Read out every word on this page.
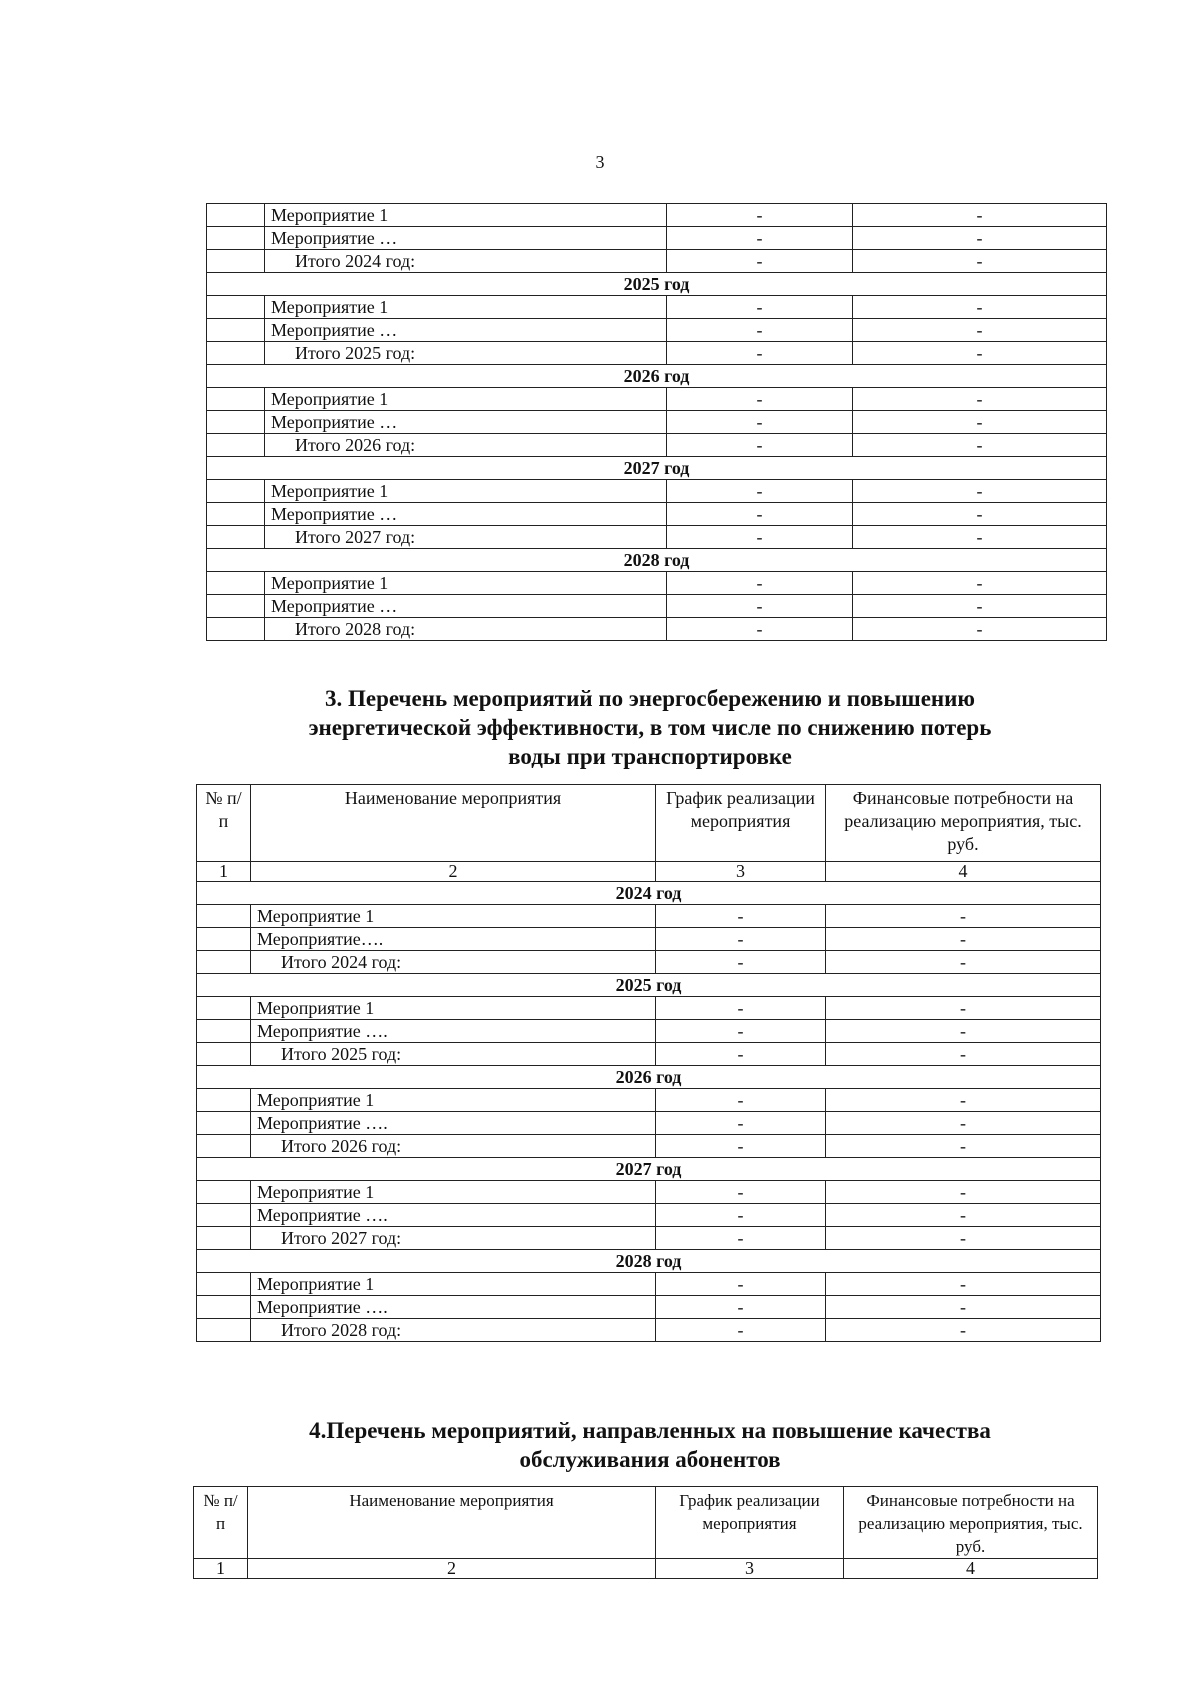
3
	Мероприятие 1	-	-
	Мероприятие …	-	-
	Итого 2024 год:	-	-
2025 год			
	Мероприятие 1	-	-
	Мероприятие …	-	-
	Итого 2025 год:	-	-
2026 год			
	Мероприятие 1	-	-
	Мероприятие …	-	-
	Итого 2026 год:	-	-
2027 год			
	Мероприятие 1	-	-
	Мероприятие …	-	-
	Итого 2027 год:	-	-
2028 год			
	Мероприятие 1	-	-
	Мероприятие …	-	-
	Итого 2028 год:	-	-
3. Перечень мероприятий по энергосбережению и повышению
энергетической эффективности, в том числе по снижению потерь
воды при транспортировке
№ п/п	Наименование мероприятия	График реализации мероприятия	Финансовые потребности на реализацию мероприятия, тыс. руб.
1	2	3	4
2024 год			
	Мероприятие 1	-	-
	Мероприятие….	-	-
	Итого 2024 год:	-	-
2025 год			
	Мероприятие 1	-	-
	Мероприятие ….	-	-
	Итого 2025 год:	-	-
2026 год			
	Мероприятие 1	-	-
	Мероприятие ….	-	-
	Итого 2026 год:	-	-
2027 год			
	Мероприятие 1	-	-
	Мероприятие ….	-	-
	Итого 2027 год:	-	-
2028 год			
	Мероприятие 1	-	-
	Мероприятие ….	-	-
	Итого 2028 год:	-	-
4.Перечень мероприятий, направленных на повышение качества
обслуживания абонентов
№ п/п	Наименование мероприятия	График реализации мероприятия	Финансовые потребности на реализацию мероприятия, тыс. руб.
1	2	3	4
